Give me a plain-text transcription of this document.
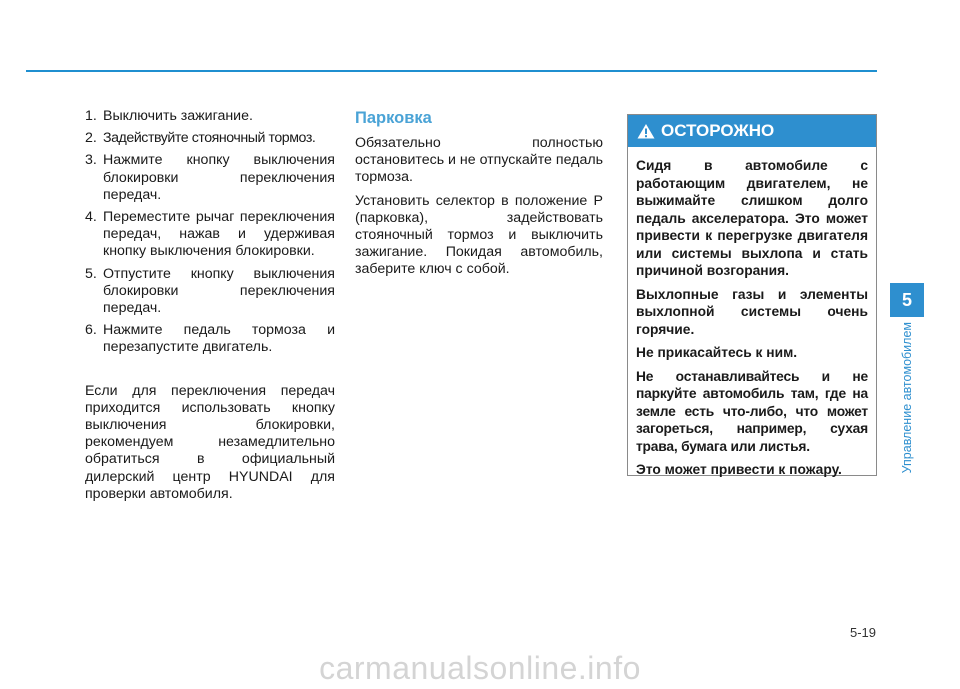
1. Выключить зажигание.
2. Задействуйте стояночный тормоз.
3. Нажмите кнопку выключения блокировки переключения передач.
4. Переместите рычаг переключения передач, нажав и удерживая кнопку выключения блокировки.
5. Отпустите кнопку выключения блокировки переключения передач.
6. Нажмите педаль тормоза и перезапустите двигатель.

Если для переключения передач приходится использовать кнопку выключения блокировки, рекомендуем незамедлительно обратиться в официальный дилерский центр HYUNDAI для проверки автомобиля.

Парковка

Обязательно полностью остановитесь и не отпускайте педаль тормоза.

Установить селектор в положение P (парковка), задействовать стояночный тормоз и выключить зажигание. Покидая автомобиль, заберите ключ с собой.

ОСТОРОЖНО

Сидя в автомобиле с работающим двигателем, не выжимайте слишком долго педаль акселератора. Это может привести к перегрузке двигателя или системы выхлопа и стать причиной возгорания.

Выхлопные газы и элементы выхлопной системы очень горячие.

Не прикасайтесь к ним.

Не останавливайтесь и не паркуйте автомобиль там, где на земле есть что-либо, что может загореться, например, сухая трава, бумага или листья.

Это может привести к пожару.

5
Управление автомобилем
5-19
carmanualsonline.info
